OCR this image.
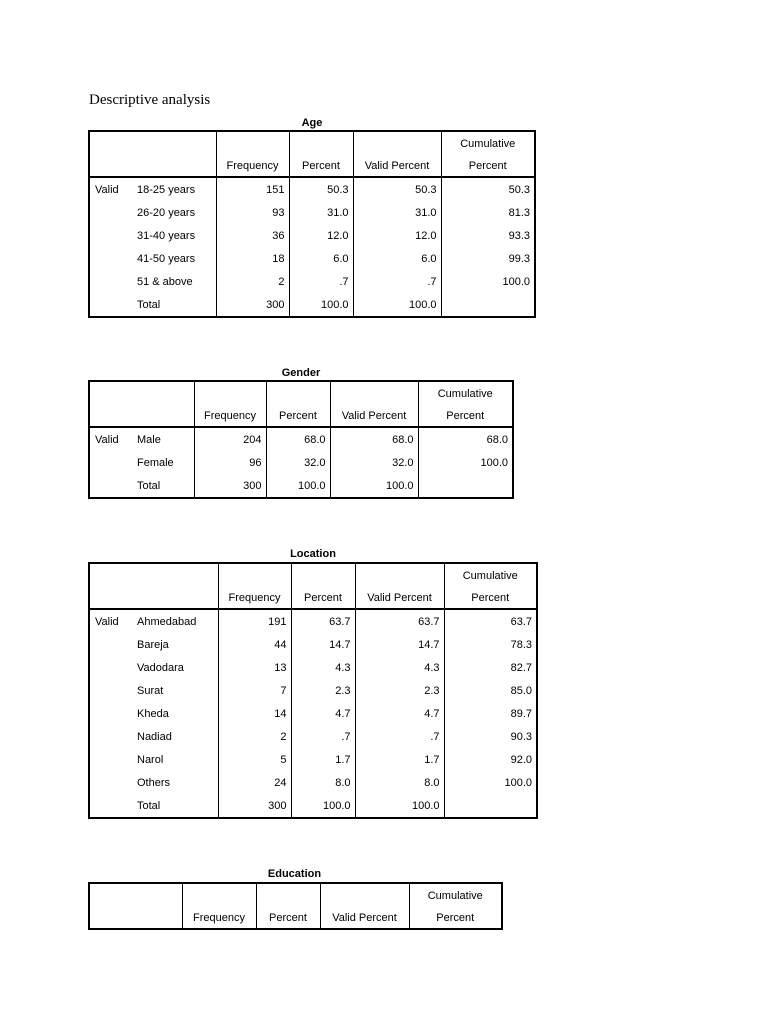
Descriptive analysis
Age
					Cumulative
		Frequency	Percent	Valid Percent	Percent
Valid	18-25 years	151	50.3	50.3	50.3
	26-20 years	93	31.0	31.0	81.3
	31-40 years	36	12.0	12.0	93.3
	41-50 years	18	6.0	6.0	99.3
	51 & above	2	.7	.7	100.0
	Total	300	100.0	100.0	
Gender
					Cumulative
		Frequency	Percent	Valid Percent	Percent
Valid	Male	204	68.0	68.0	68.0
	Female	96	32.0	32.0	100.0
	Total	300	100.0	100.0	
Location
					Cumulative
		Frequency	Percent	Valid Percent	Percent
Valid	Ahmedabad	191	63.7	63.7	63.7
	Bareja	44	14.7	14.7	78.3
	Vadodara	13	4.3	4.3	82.7
	Surat	7	2.3	2.3	85.0
	Kheda	14	4.7	4.7	89.7
	Nadiad	2	.7	.7	90.3
	Narol	5	1.7	1.7	92.0
	Others	24	8.0	8.0	100.0
	Total	300	100.0	100.0	
Education
				Cumulative
	Frequency	Percent	Valid Percent	Percent
